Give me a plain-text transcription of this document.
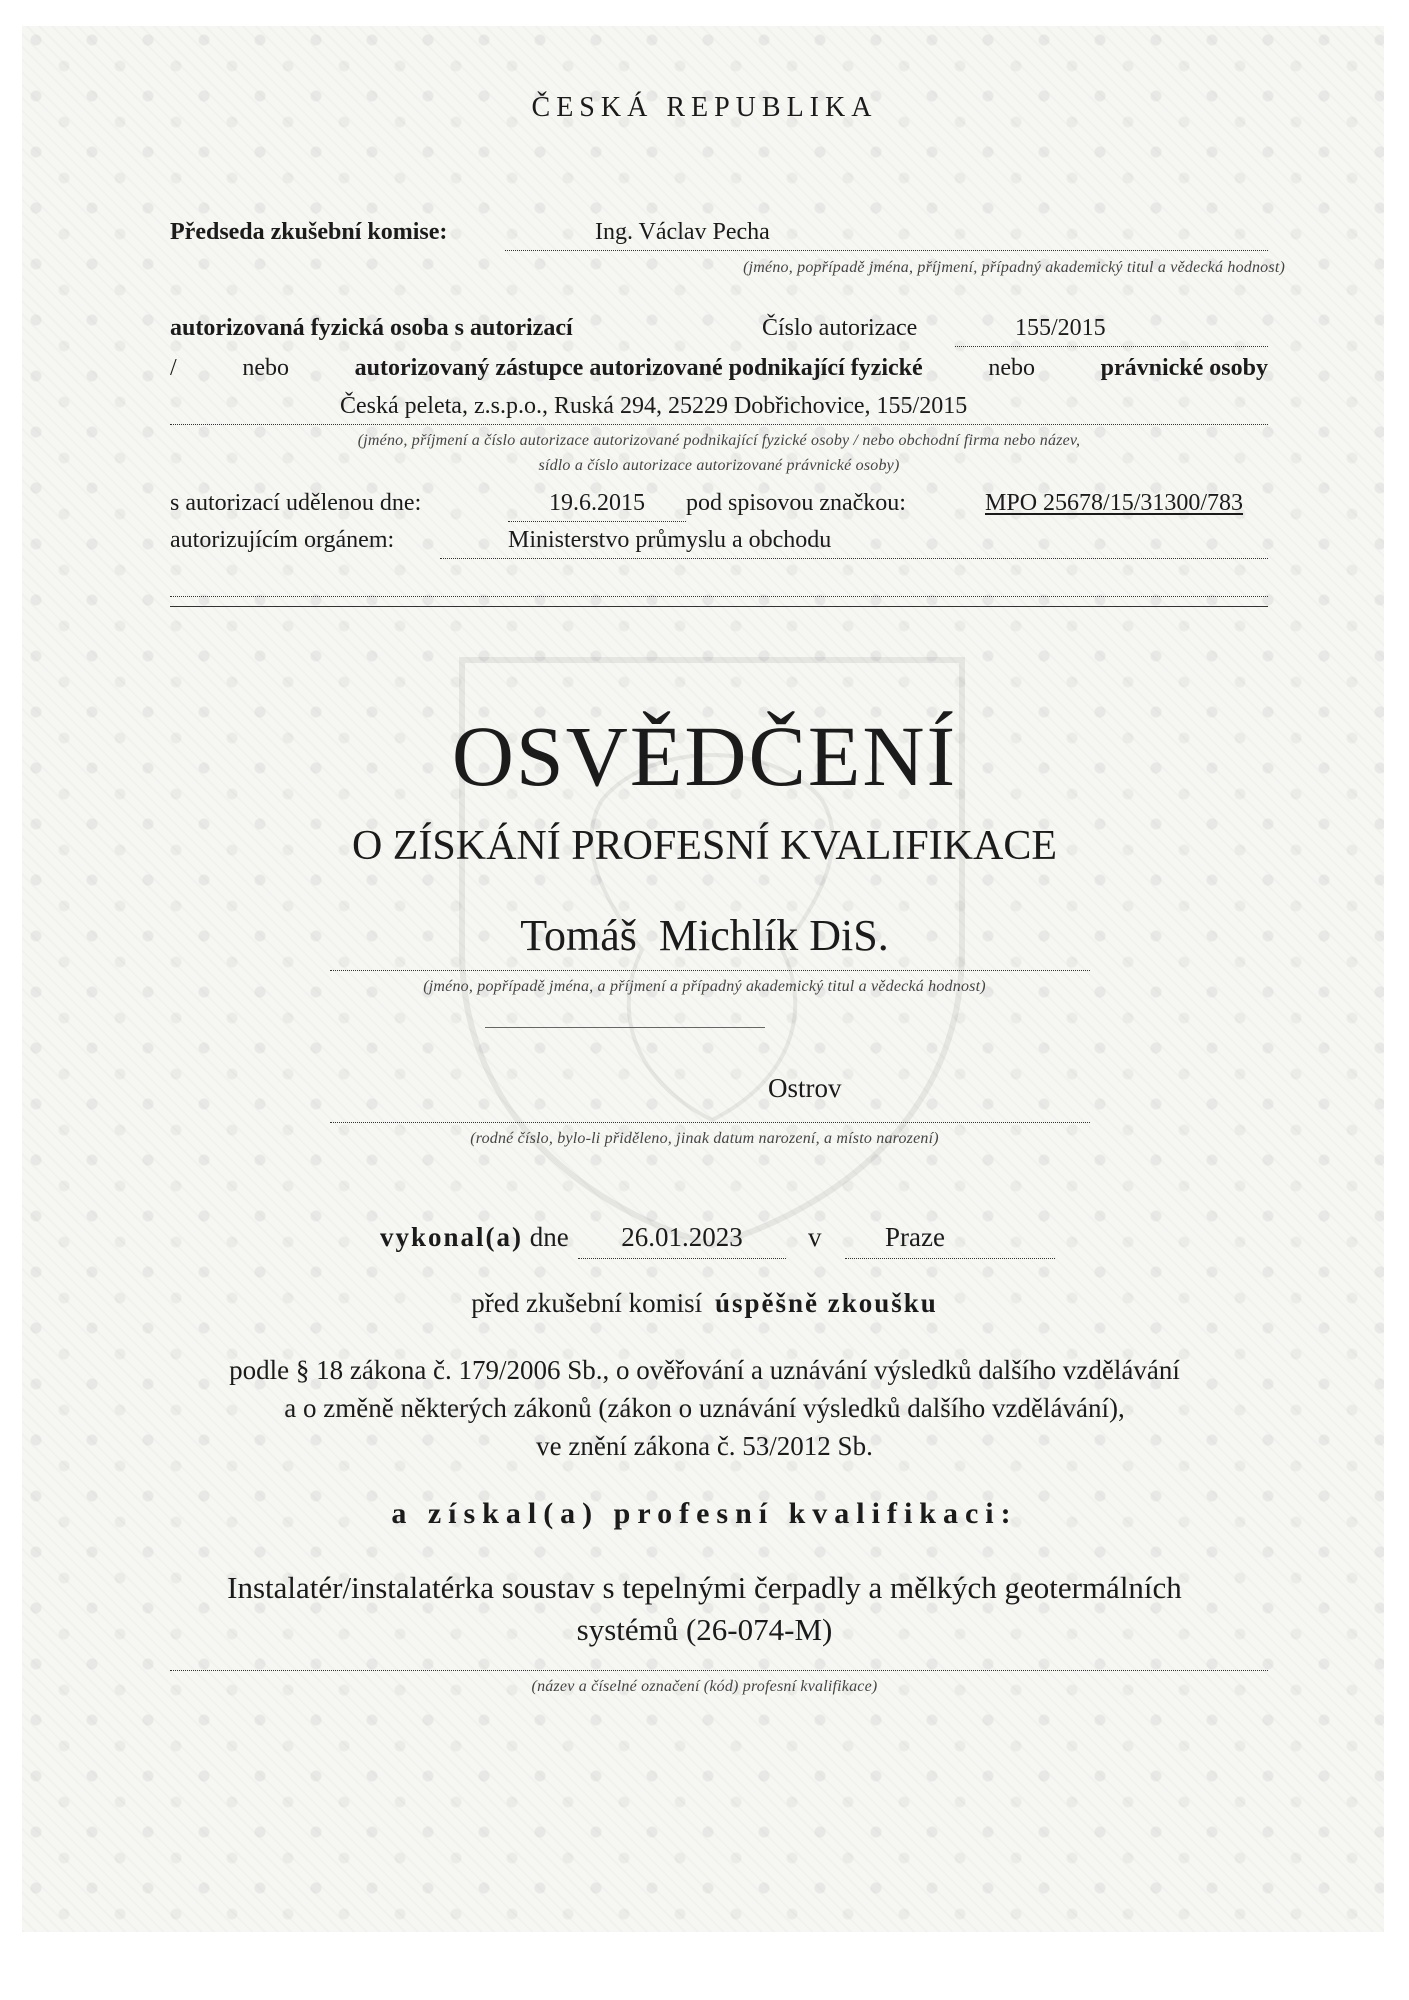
ČESKÁ REPUBLIKA
Předseda zkušební komise:	Ing. Václav Pecha
(jméno, popřípadě jména, příjmení, případný akademický titul a vědecká hodnost)
autorizovaná fyzická osoba s autorizací	Číslo autorizace	155/2015
/	nebo	autorizovaný zástupce autorizované podnikající fyzické	nebo	právnické osoby
Česká peleta, z.s.p.o., Ruská 294, 25229 Dobřichovice, 155/2015
(jméno, příjmení a číslo autorizace autorizované podnikající fyzické osoby / nebo obchodní firma nebo název,
sídlo a číslo autorizace autorizované právnické osoby)
s autorizací udělenou dne:	19.6.2015	pod spisovou značkou:	MPO 25678/15/31300/783
autorizujícím orgánem:	Ministerstvo průmyslu a obchodu
OSVĚDČENÍ
O ZÍSKÁNÍ PROFESNÍ KVALIFIKACE
Tomáš  Michlík DiS.
(jméno, popřípadě jména, a příjmení a případný akademický titul a vědecká hodnost)
Ostrov
(rodné číslo, bylo-li přiděleno, jinak datum narození, a místo narození)
vykonal(a) dne	26.01.2023	v Praze
před zkušební komisí úspěšně zkoušku
podle § 18 zákona č. 179/2006 Sb., o ověřování a uznávání výsledků dalšího vzdělávání
a o změně některých zákonů (zákon o uznávání výsledků dalšího vzdělávání),
ve znění zákona č. 53/2012 Sb.
a získal(a) profesní kvalifikaci:
Instalatér/instalatérka soustav s tepelnými čerpadly a mělkých geotermálních
systémů (26-074-M)
(název a číselné označení (kód) profesní kvalifikace)
